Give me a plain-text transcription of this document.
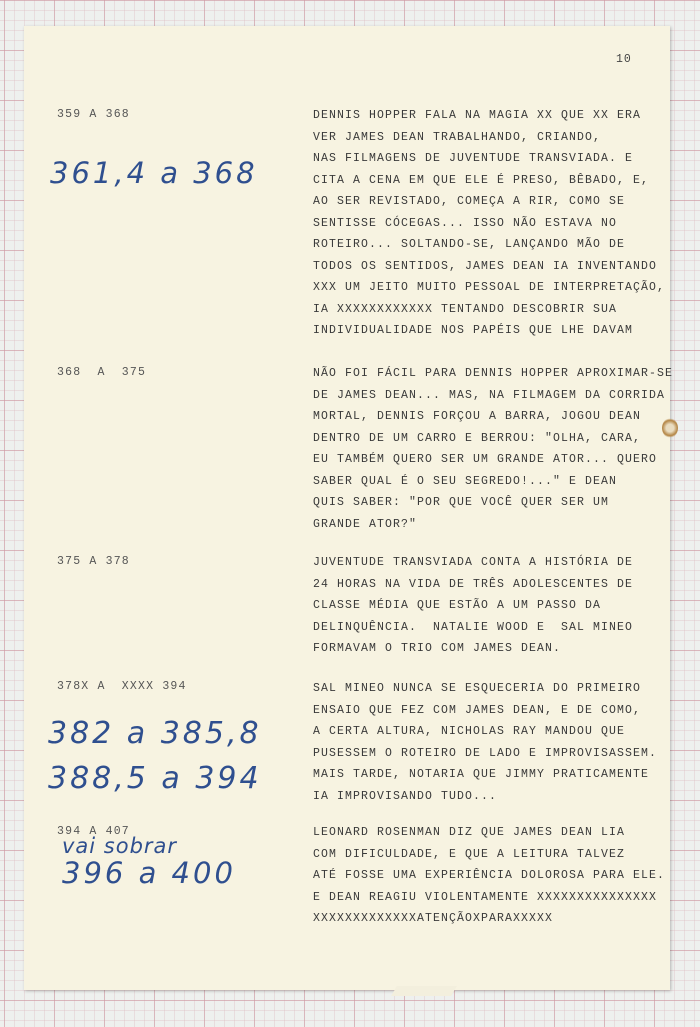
10
359 A 368	DENNIS HOPPER FALA NA MAGIA XX QUE XX ERA
VER JAMES DEAN TRABALHANDO, CRIANDO,
NAS FILMAGENS DE JUVENTUDE TRANSVIADA. E
CITA A CENA EM QUE ELE É PRESO, BÊBADO, E,
AO SER REVISTADO, COMEÇA A RIR, COMO SE
SENTISSE CÓCEGAS... ISSO NÃO ESTAVA NO
ROTEIRO... SOLTANDO-SE, LANÇANDO MÃO DE
TODOS OS SENTIDOS, JAMES DEAN IA INVENTANDO
XXX UM JEITO MUITO PESSOAL DE INTERPRETAÇÃO,
IA XXXXXXXXXXXX TENTANDO DESCOBRIR SUA
INDIVIDUALIDADE NOS PAPÉIS QUE LHE DAVAM
361,4 a 368
368  A  375	NÃO FOI FÁCIL PARA DENNIS HOPPER APROXIMAR-SE
DE JAMES DEAN... MAS, NA FILMAGEM DA CORRIDA
MORTAL, DENNIS FORÇOU A BARRA, JOGOU DEAN
DENTRO DE UM CARRO E BERROU: "OLHA, CARA,
EU TAMBÉM QUERO SER UM GRANDE ATOR... QUERO
SABER QUAL É O SEU SEGREDO!..." E DEAN
QUIS SABER: "POR QUE VOCÊ QUER SER UM
GRANDE ATOR?"
375 A 378	JUVENTUDE TRANSVIADA CONTA A HISTÓRIA DE
24 HORAS NA VIDA DE TRÊS ADOLESCENTES DE
CLASSE MÉDIA QUE ESTÃO A UM PASSO DA
DELINQUÊNCIA.  NATALIE WOOD E  SAL MINEO
FORMAVAM O TRIO COM JAMES DEAN.
378X A  XXXX 394	SAL MINEO NUNCA SE ESQUECERIA DO PRIMEIRO
ENSAIO QUE FEZ COM JAMES DEAN, E DE COMO,
A CERTA ALTURA, NICHOLAS RAY MANDOU QUE
PUSESSEM O ROTEIRO DE LADO E IMPROVISASSEM.
MAIS TARDE, NOTARIA QUE JIMMY PRATICAMENTE
IA IMPROVISANDO TUDO...
382 a 385,8
388,5 a 394
394 A 407	LEONARD ROSENMAN DIZ QUE JAMES DEAN LIA
COM DIFICULDADE, E QUE A LEITURA TALVEZ
ATÉ FOSSE UMA EXPERIÊNCIA DOLOROSA PARA ELE.
E DEAN REAGIU VIOLENTAMENTE XXXXXXXXXXXXXXX
XXXXXXXXXXXXXATENÇÃOXPARAXXXXX
vai sobrar
396 a 400
